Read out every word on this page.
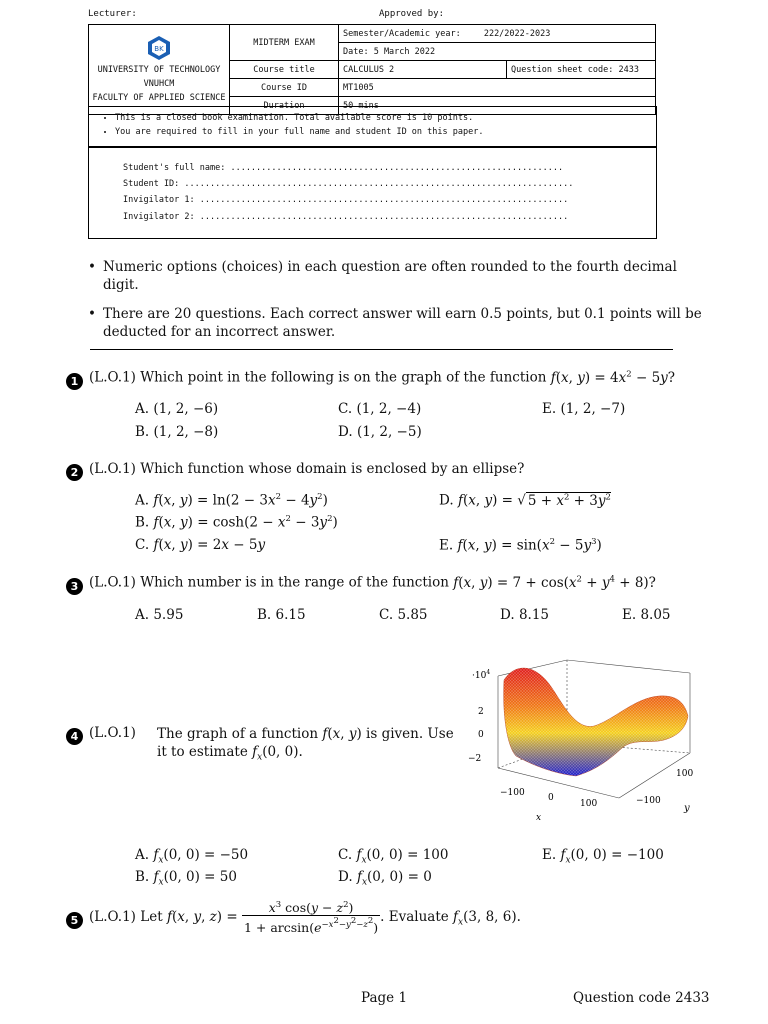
Lecturer:	Approved by:
BK
UNIVERSITY OF TECHNOLOGY
VNUHCM
FACULTY OF APPLIED SCIENCE	MIDTERM EXAM	Semester/Academic year: 222/2022-2023	
		Date: 5 March 2022	
	Course title	CALCULUS 2	Question sheet code: 2433
	Course ID	MT1005	
	Duration	50 mins	
• This is a closed book examination. Total available score is 10 points.
• You are required to fill in your full name and student ID on this paper.
Student's full name: .................................................................
Student ID: ............................................................................
Invigilator 1: ........................................................................
Invigilator 2: ........................................................................
• Numeric options (choices) in each question are often rounded to the fourth decimal digit.
• There are 20 questions. Each correct answer will earn 0.5 points, but 0.1 points will be deducted for an incorrect answer.
1 (L.O.1) Which point in the following is on the graph of the function f(x, $y) = 4x^2 - 5y$?
A. (1, 2, −6)
B. (1, 2, −8)
C. (1, 2, −4)
D. (1, 2, −5)
E. (1, 2, −7)
2 (L.O.1) Which function whose domain is enclosed by an ellipse?
A. f(x, $y) = \ln(2 - 3x^2 - 4y^2)$
B. f(x, $y) = \cosh(2 - x^2 - 3y^2)$
C. f(x, y) = 2x − 5y
D. f(x, y) = √ $5 + x^2 + 3y^2$
E. f(x, $y) = \sin(x^2 - 5y^3)$
3 (L.O.1) Which number is in the range of the function f(x, $y) = 7 + \cos(x^2 + y^4 + 8)$?
A. 5.95	B. 6.15	C. 5.85	D. 8.15	E. 8.05
4 (L.O.1) The graph of a function f(x, y) is given. Use it to estimate $f_x(0$, 0).
$\cdot 10^4$
2
0
−2
−100	0
100
100
−100
x
y
A. $f_x(0$, 0) = −50
B. $f_x(0$, 0) = 50
C. $f_x(0$, 0) = 100
D. $f_x(0$, 0) = 0
E. $f_x(0$, 0) = −100
5 (L.O.1) Let f(x, y, $z) = \frac{x^3 \cos(y - z^2)}{1 + \arcsin(e^{-x^2-y^2-z^2})}$ . Evaluate $f_x(3$, 8, 6).
Page 1	Question code 2433
